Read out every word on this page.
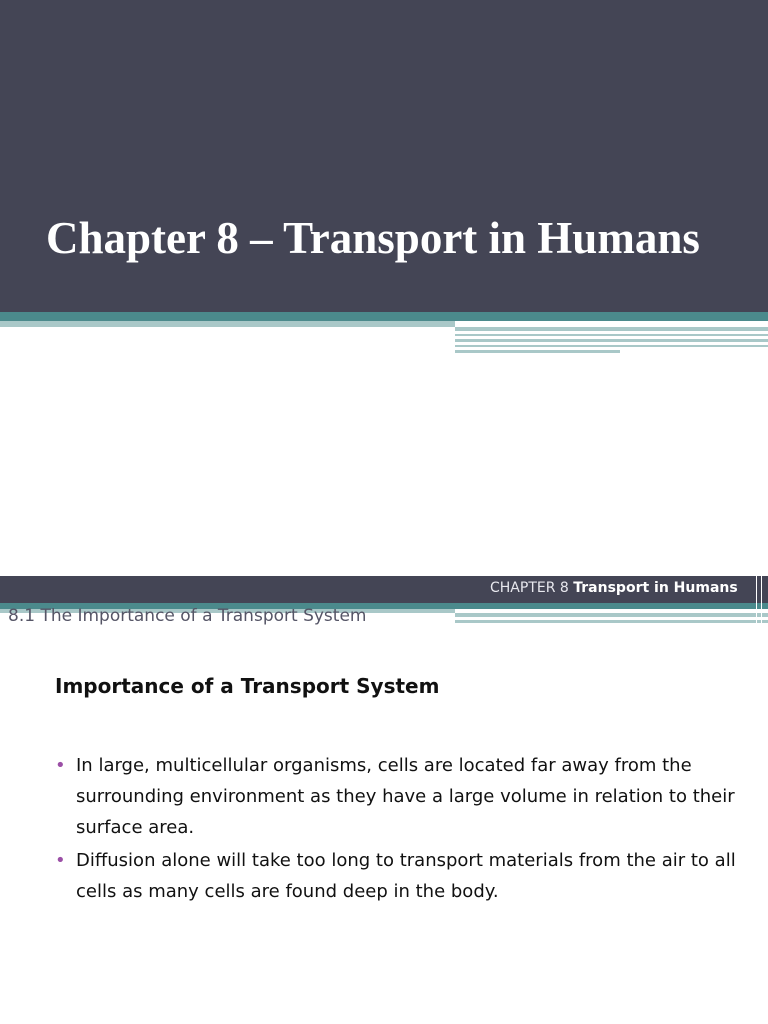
Chapter 8 – Transport in Humans
CHAPTER 8 Transport in Humans
8.1 The Importance of a Transport System
Importance of a Transport System
• In large, multicellular organisms, cells are located far away from the surrounding environment as they have a large volume in relation to their surface area.
• Diffusion alone will take too long to transport materials from the air to all cells as many cells are found deep in the body.
